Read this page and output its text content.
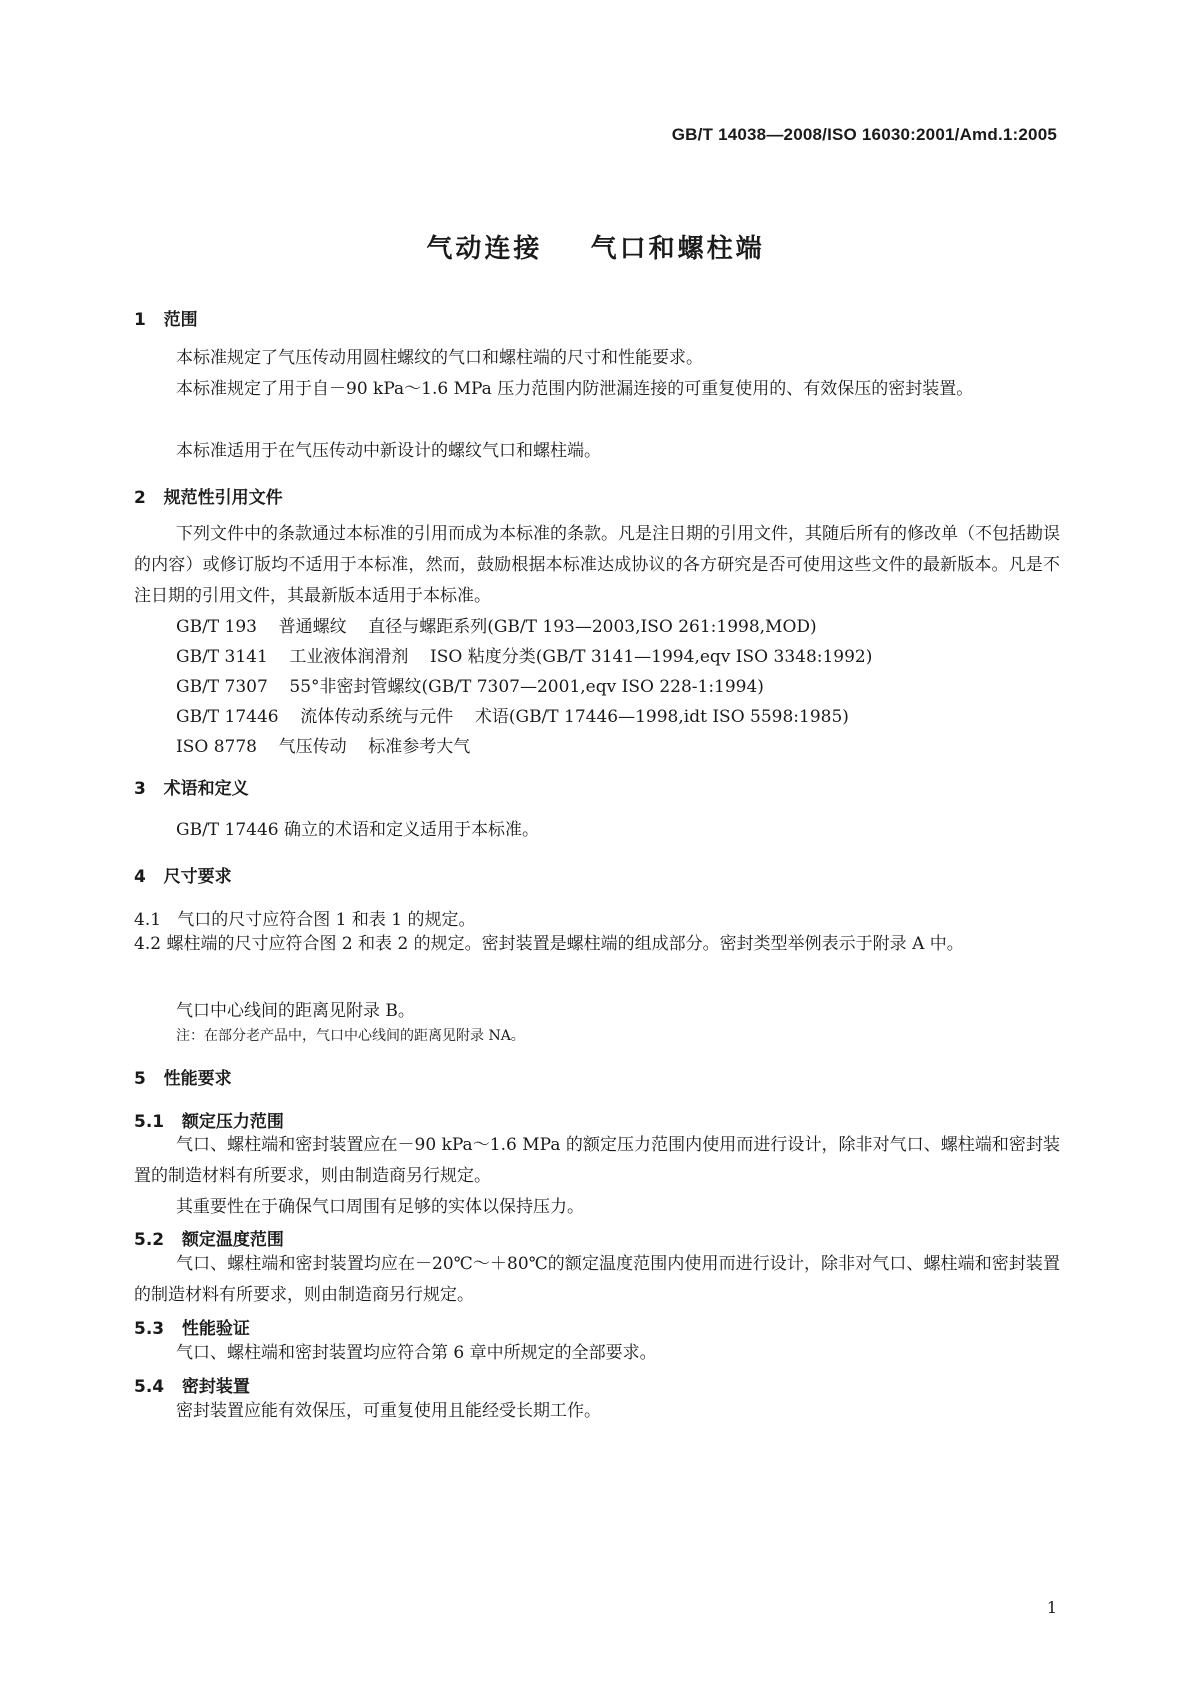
GB/T 14038—2008/ISO 16030:2001/Amd.1:2005
气动连接    气口和螺柱端
1   范围
本标准规定了气压传动用圆柱螺纹的气口和螺柱端的尺寸和性能要求。
本标准规定了用于自－90 kPa～1.6 MPa 压力范围内防泄漏连接的可重复使用的、有效保压的密封装置。
本标准适用于在气压传动中新设计的螺纹气口和螺柱端。
2   规范性引用文件
下列文件中的条款通过本标准的引用而成为本标准的条款。凡是注日期的引用文件，其随后所有的修改单（不包括勘误的内容）或修订版均不适用于本标准，然而，鼓励根据本标准达成协议的各方研究是否可使用这些文件的最新版本。凡是不注日期的引用文件，其最新版本适用于本标准。
GB/T 193    普通螺纹    直径与螺距系列(GB/T 193—2003,ISO 261:1998,MOD)
GB/T 3141    工业液体润滑剂    ISO 粘度分类(GB/T 3141—1994,eqv ISO 3348:1992)
GB/T 7307    55°非密封管螺纹(GB/T 7307—2001,eqv ISO 228-1:1994)
GB/T 17446    流体传动系统与元件    术语(GB/T 17446—1998,idt ISO 5598:1985)
ISO 8778    气压传动    标准参考大气
3   术语和定义
GB/T 17446 确立的术语和定义适用于本标准。
4   尺寸要求
4.1   气口的尺寸应符合图 1 和表 1 的规定。
4.2 螺柱端的尺寸应符合图 2 和表 2 的规定。密封装置是螺柱端的组成部分。密封类型举例表示于附录 A 中。
气口中心线间的距离见附录 B。
注：在部分老产品中，气口中心线间的距离见附录 NA。
5   性能要求
5.1   额定压力范围
气口、螺柱端和密封装置应在－90 kPa～1.6 MPa 的额定压力范围内使用而进行设计，除非对气口、螺柱端和密封装置的制造材料有所要求，则由制造商另行规定。
其重要性在于确保气口周围有足够的实体以保持压力。
5.2   额定温度范围
气口、螺柱端和密封装置均应在－20℃～＋80℃的额定温度范围内使用而进行设计，除非对气口、螺柱端和密封装置的制造材料有所要求，则由制造商另行规定。
5.3   性能验证
气口、螺柱端和密封装置均应符合第 6 章中所规定的全部要求。
5.4   密封装置
密封装置应能有效保压，可重复使用且能经受长期工作。
1
